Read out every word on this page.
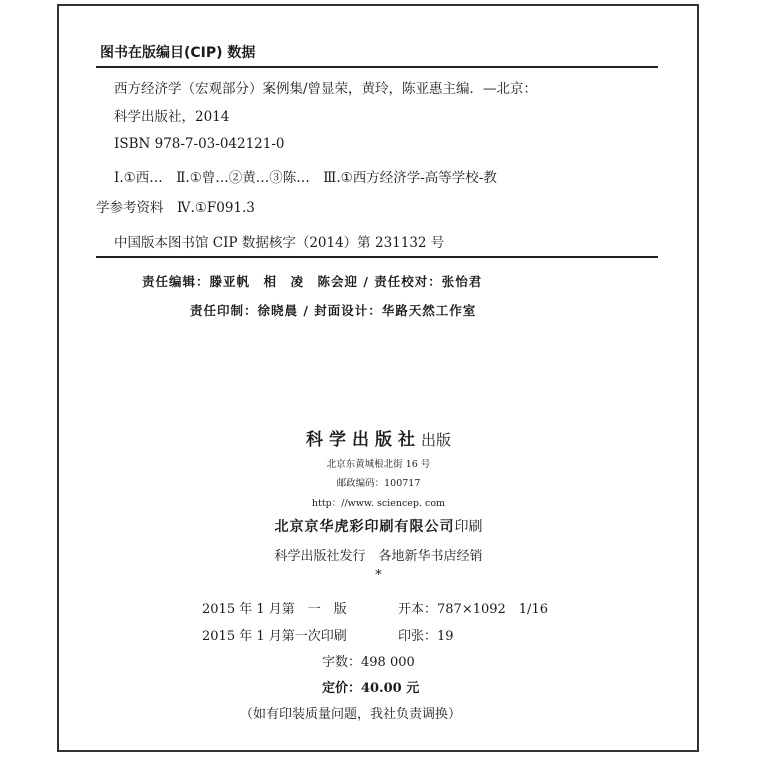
图书在版编目(CIP) 数据
西方经济学（宏观部分）案例集/曾显荣，黄玲，陈亚惠主编．—北京：
科学出版社，2014
ISBN 978-7-03-042121-0
Ⅰ.①西…　Ⅱ.①曾…②黄…③陈…　Ⅲ.①西方经济学-高等学校-教
学参考资料　Ⅳ.①F091.3
中国版本图书馆 CIP 数据核字（2014）第 231132 号
责任编辑：滕亚帆　相　凌　陈会迎 / 责任校对：张怡君
责任印制：徐晓晨 / 封面设计：华路天然工作室
科学出版社出版
北京东黄城根北街 16 号
邮政编码：100717
http：//www. sciencep. com
北京京华虎彩印刷有限公司印刷
科学出版社发行　各地新华书店经销
*
2015 年 1 月第　一　版	开本：787×1092　1/16
2015 年 1 月第一次印刷	印张：19
字数：498 000
定价：40.00 元
（如有印装质量问题，我社负责调换）
